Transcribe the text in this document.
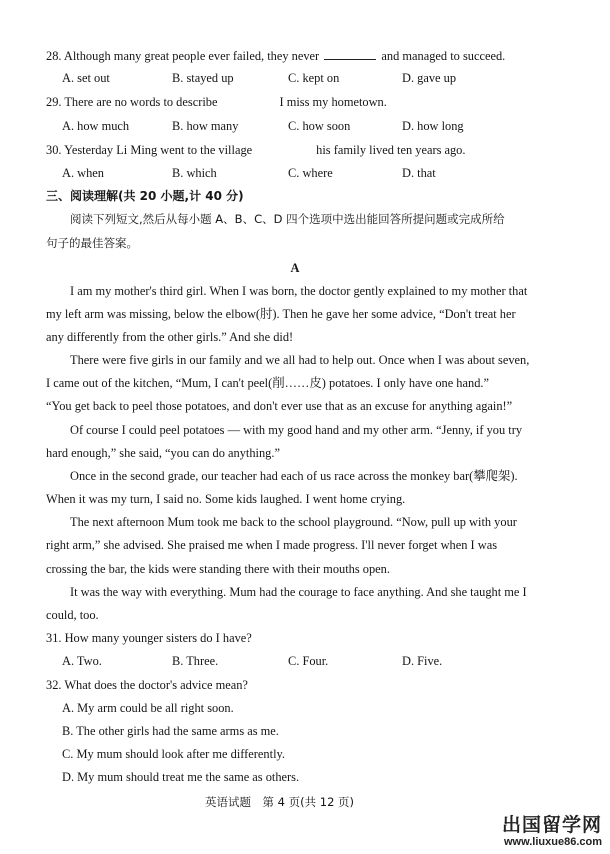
28. Although many great people ever failed, they never	and managed to succeed.
A. set out	B. stayed up	C. kept on	D. gave up
29. There are no words to describe	I miss my hometown.
A. how much	B. how many	C. how soon	D. how long
30. Yesterday Li Ming went to the village	his family lived ten years ago.
A. when	B. which	C. where	D. that
三、阅读理解(共 20 小题,计 40 分)
阅读下列短文,然后从每小题 A、B、C、D 四个选项中选出能回答所提问题或完成所给
句子的最佳答案。
A
I am my mother's third girl. When I was born, the doctor gently explained to my mother that
my left arm was missing, below the elbow(肘). Then he gave her some advice, “Don't treat her
any differently from the other girls.” And she did!
There were five girls in our family and we all had to help out. Once when I was about seven,
I came out of the kitchen, “Mum, I can't peel(削……皮) potatoes. I only have one hand.”
“You get back to peel those potatoes, and don't ever use that as an excuse for anything again!”
Of course I could peel potatoes — with my good hand and my other arm. “Jenny, if you try
hard enough,” she said, “you can do anything.”
Once in the second grade, our teacher had each of us race across the monkey bar(攀爬架).
When it was my turn, I said no. Some kids laughed. I went home crying.
The next afternoon Mum took me back to the school playground. “Now, pull up with your
right arm,” she advised. She praised me when I made progress. I'll never forget when I was
crossing the bar, the kids were standing there with their mouths open.
It was the way with everything. Mum had the courage to face anything. And she taught me I
could, too.
31. How many younger sisters do I have?
A. Two.	B. Three.	C. Four.	D. Five.
32. What does the doctor's advice mean?
A. My arm could be all right soon.
B. The other girls had the same arms as me.
C. My mum should look after me differently.
D. My mum should treat me the same as others.
英语试题　第 4 页(共 12 页)
出国留学网
www.liuxue86.com
